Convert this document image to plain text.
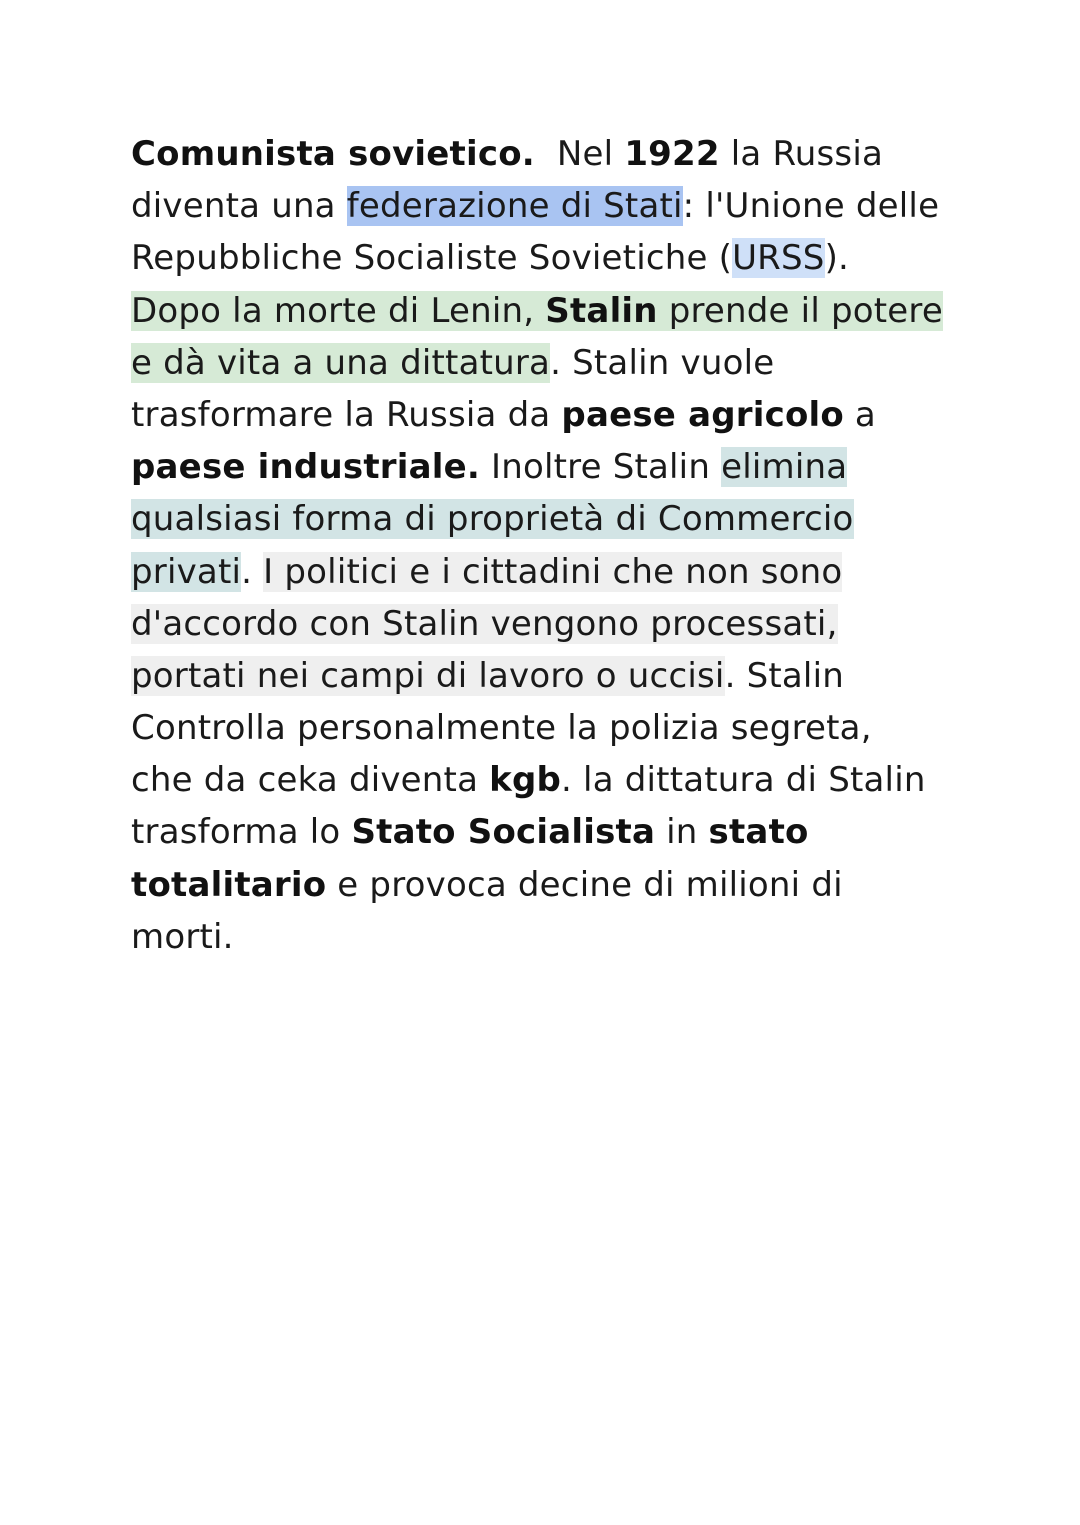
Comunista sovietico.  Nel 1922 la Russia
diventa una federazione di Stati: l'Unione delle
Repubbliche Socialiste Sovietiche (URSS).
Dopo la morte di Lenin, Stalin prende il potere
e dà vita a una dittatura. Stalin vuole
trasformare la Russia da paese agricolo a
paese industriale. Inoltre Stalin elimina
qualsiasi forma di proprietà di Commercio
privati. I politici e i cittadini che non sono
d'accordo con Stalin vengono processati,
portati nei campi di lavoro o uccisi. Stalin
Controlla personalmente la polizia segreta,
che da ceka diventa kgb. la dittatura di Stalin
trasforma lo Stato Socialista in stato
totalitario e provoca decine di milioni di
morti.
